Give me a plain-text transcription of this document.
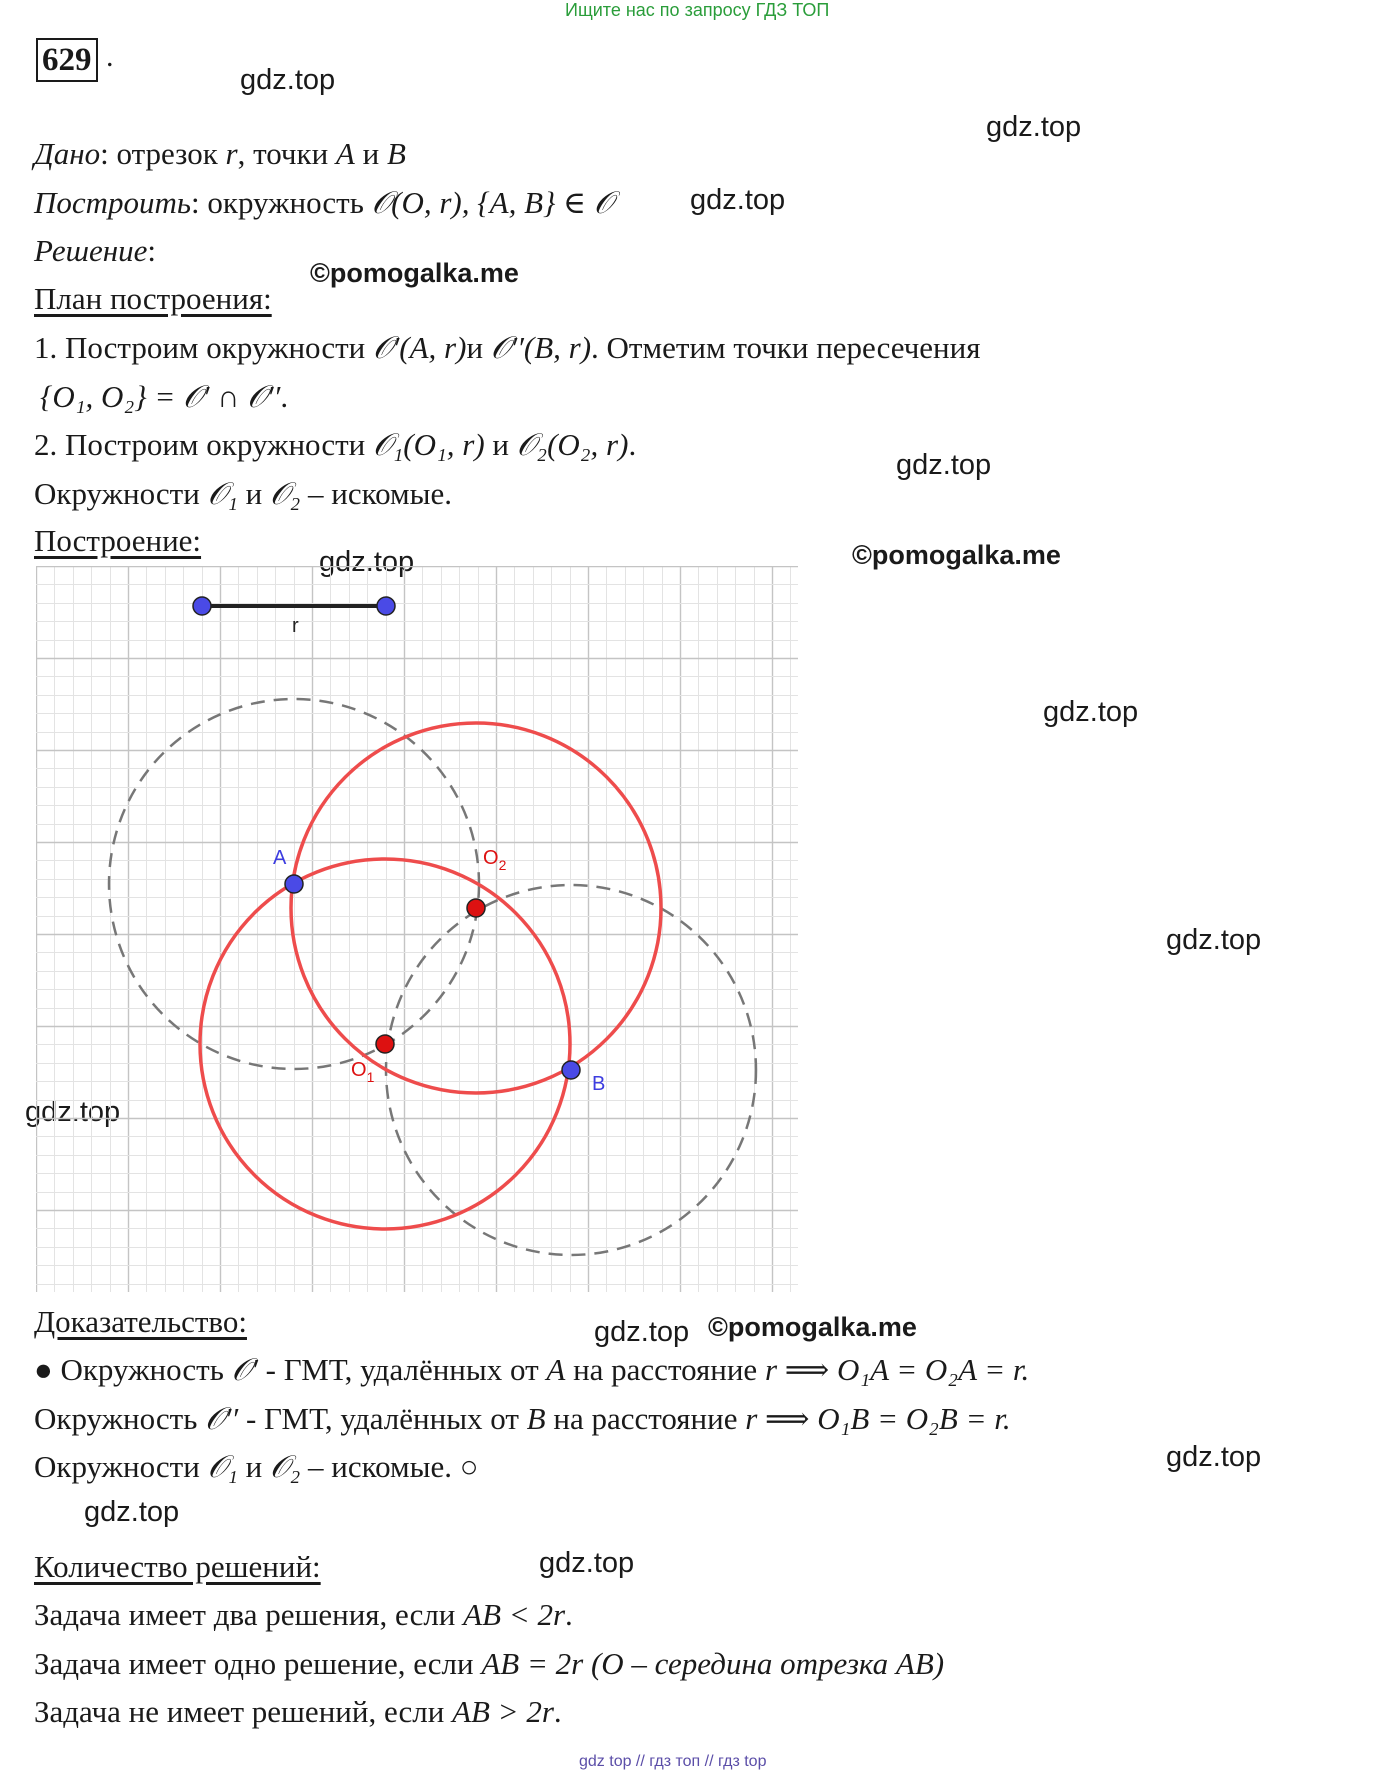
Ищите нас по запросу ГДЗ ТОП
629 .
gdz.top
gdz.top
©pomogalka.me
gdz.top
©pomogalka.me
gdz.top
gdz.top
gdz.top
gdz.top
gdz.top ©pomogalka.me
gdz.top
gdz.top
gdz.top
gdz.top
Дано: отрезок r, точки A и B
Построить: окружность 𝒪(O, r), {A, B} ∈ 𝒪
Решение:
План построения:
1. Построим окружности 𝒪′(A, r)и 𝒪′′(B, r). Отметим точки пересечения
{O₁, O₂} = 𝒪′ ∩ 𝒪′′.
2. Построим окружности 𝒪₁(O₁, r) и 𝒪₂(O₂, r).
Окружности 𝒪₁ и 𝒪₂ – искомые.
Построение:
r
A
B
$O_1$
$O_2$
Доказательство:
● Окружность 𝒪′ - ГМТ, удалённых от A на расстояние r ⟹ O₁A = O₂A = r.
Окружность 𝒪′′ - ГМТ, удалённых от B на расстояние r ⟹ O₁B = O₂B = r.
Окружности 𝒪₁ и 𝒪₂ – искомые. ○
Количество решений:
Задача имеет два решения, если AB < 2r.
Задача имеет одно решение, если AB = 2r (O – середина отрезка AB)
Задача не имеет решений, если AB > 2r.
gdz top // гдз топ // гдз top
